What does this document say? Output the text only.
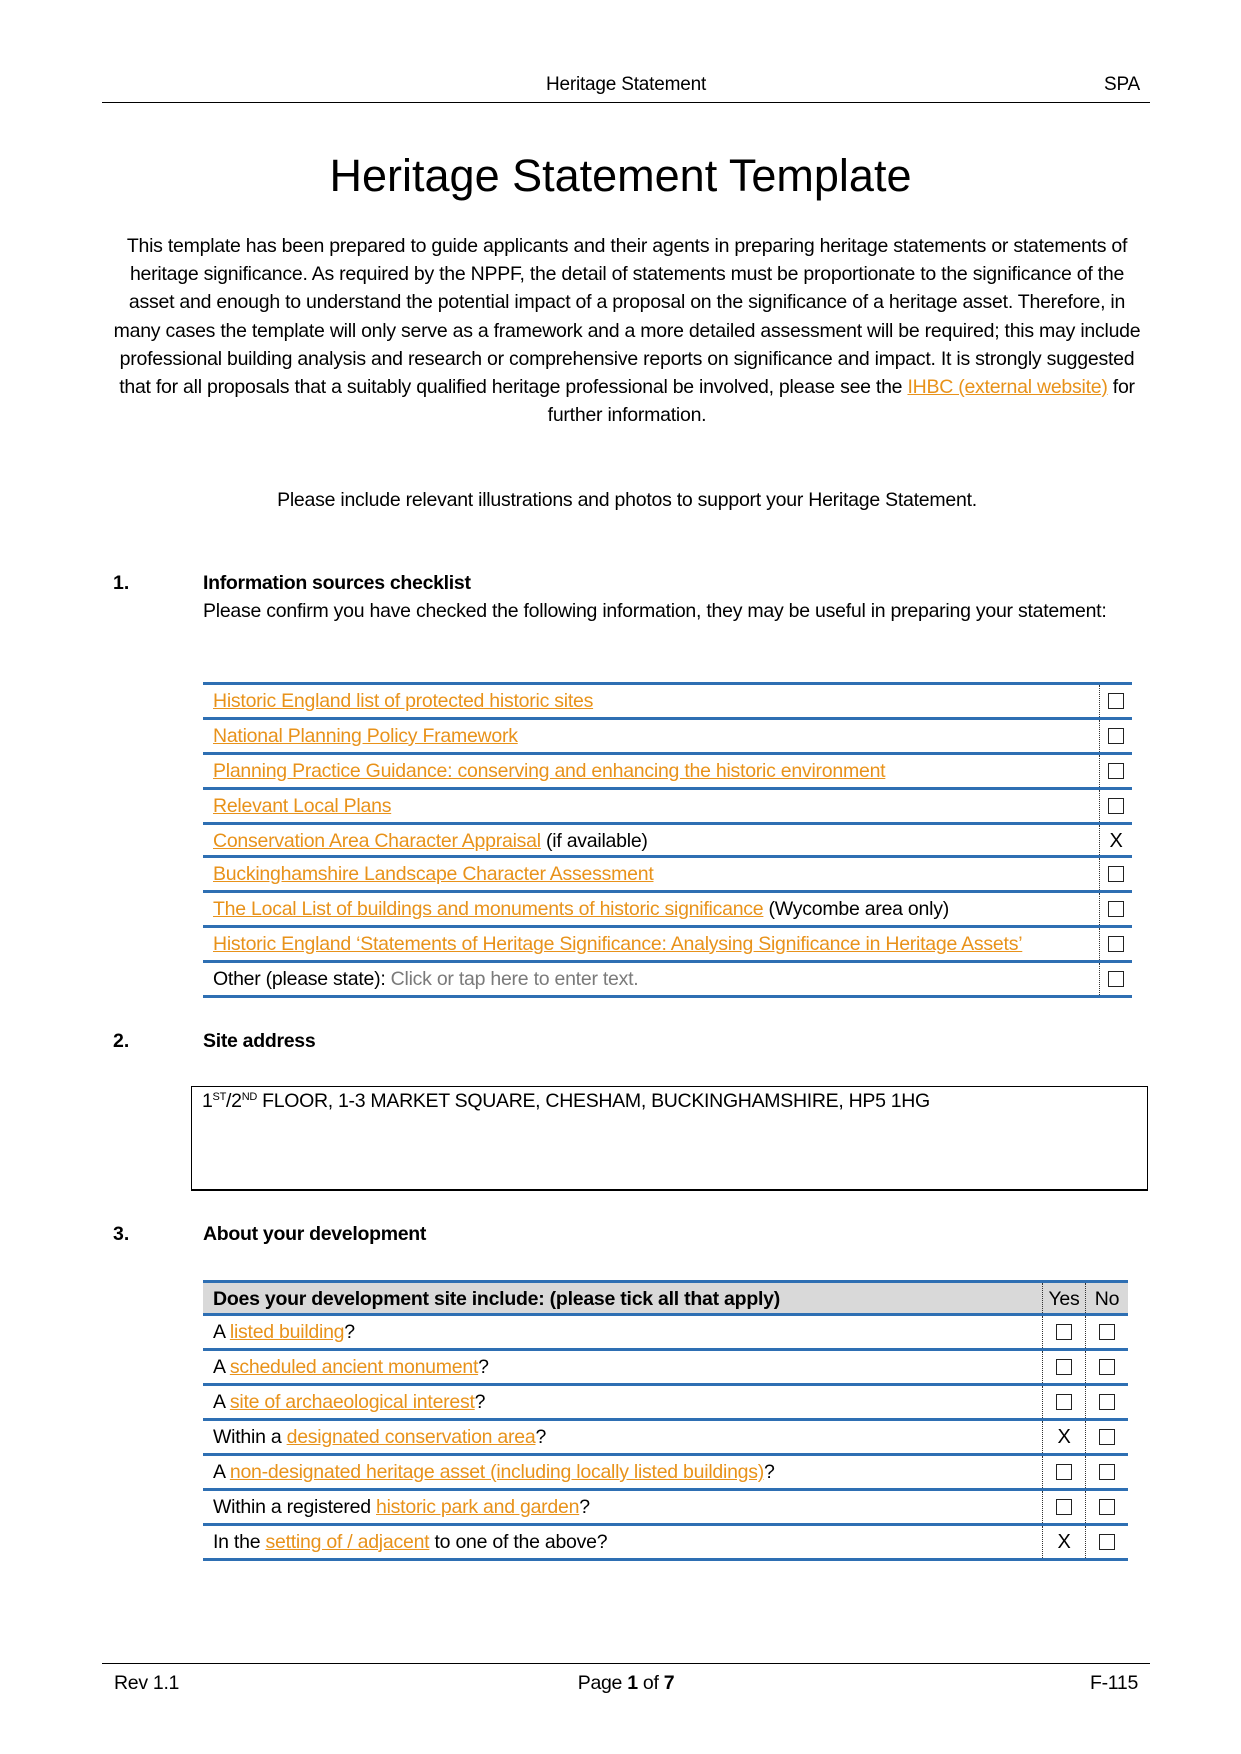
Heritage Statement	SPA
Heritage Statement Template
This template has been prepared to guide applicants and their agents in preparing heritage statements or statements of heritage significance. As required by the NPPF, the detail of statements must be proportionate to the significance of the asset and enough to understand the potential impact of a proposal on the significance of a heritage asset. Therefore, in many cases the template will only serve as a framework and a more detailed assessment will be required; this may include professional building analysis and research or comprehensive reports on significance and impact. It is strongly suggested that for all proposals that a suitably qualified heritage professional be involved, please see the IHBC (external website) for further information.
Please include relevant illustrations and photos to support your Heritage Statement.
1.	Information sources checklist
Please confirm you have checked the following information, they may be useful in preparing your statement:
Historic England list of protected historic sites	
National Planning Policy Framework	
Planning Practice Guidance: conserving and enhancing the historic environment	
Relevant Local Plans	
Conservation Area Character Appraisal (if available)	X
Buckinghamshire Landscape Character Assessment	
The Local List of buildings and monuments of historic significance (Wycombe area only)	
Historic England ‘Statements of Heritage Significance: Analysing Significance in Heritage Assets’	
Other (please state): Click or tap here to enter text.	
2.	Site address
1ST/2ND FLOOR, 1-3 MARKET SQUARE, CHESHAM, BUCKINGHAMSHIRE, HP5 1HG
3.	About your development
Does your development site include: (please tick all that apply)	Yes	No
A listed building?		
A scheduled ancient monument?		
A site of archaeological interest?		
Within a designated conservation area?	X	
A non-designated heritage asset (including locally listed buildings)?		
Within a registered historic park and garden?		
In the setting of / adjacent to one of the above?	X	
Rev 1.1	Page 1 of 7	F-115
